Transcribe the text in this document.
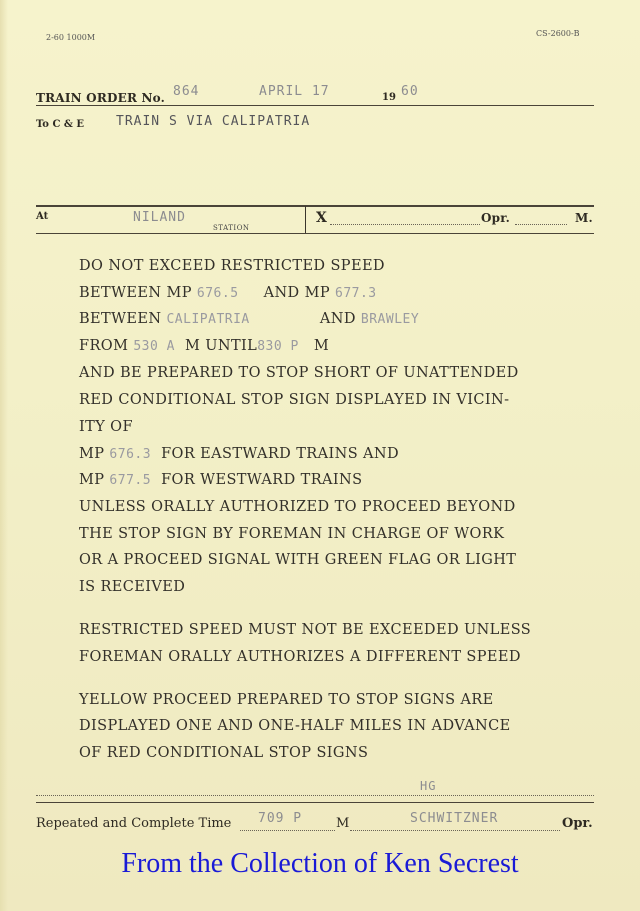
2-60 1000M	CS-2600-B
TRAIN ORDER No. 864	APRIL 17	19 60
To C & E TRAIN S VIA CALIPATRIA
At	NILAND
STATION
X	Opr.	M.
DO NOT EXCEED RESTRICTED SPEED
BETWEEN MP 676.5     AND MP 677.3
BETWEEN CALIPATRIA              AND BRAWLEY
FROM 530 A  M UNTIL830 P   M
AND BE PREPARED TO STOP SHORT OF UNATTENDED
RED CONDITIONAL STOP SIGN DISPLAYED IN VICIN-
ITY OF
MP 676.3  FOR EASTWARD TRAINS AND
MP 677.5  FOR WESTWARD TRAINS
UNLESS ORALLY AUTHORIZED TO PROCEED BEYOND
THE STOP SIGN BY FOREMAN IN CHARGE OF WORK
OR A PROCEED SIGNAL WITH GREEN FLAG OR LIGHT
IS RECEIVED
RESTRICTED SPEED MUST NOT BE EXCEEDED UNLESS
FOREMAN ORALLY AUTHORIZES A DIFFERENT SPEED
YELLOW PROCEED PREPARED TO STOP SIGNS ARE
DISPLAYED ONE AND ONE-HALF MILES IN ADVANCE
OF RED CONDITIONAL STOP SIGNS
HG
Repeated and Complete Time 709 P	M	SCHWITZNER	Opr.
From the Collection of Ken Secrest
